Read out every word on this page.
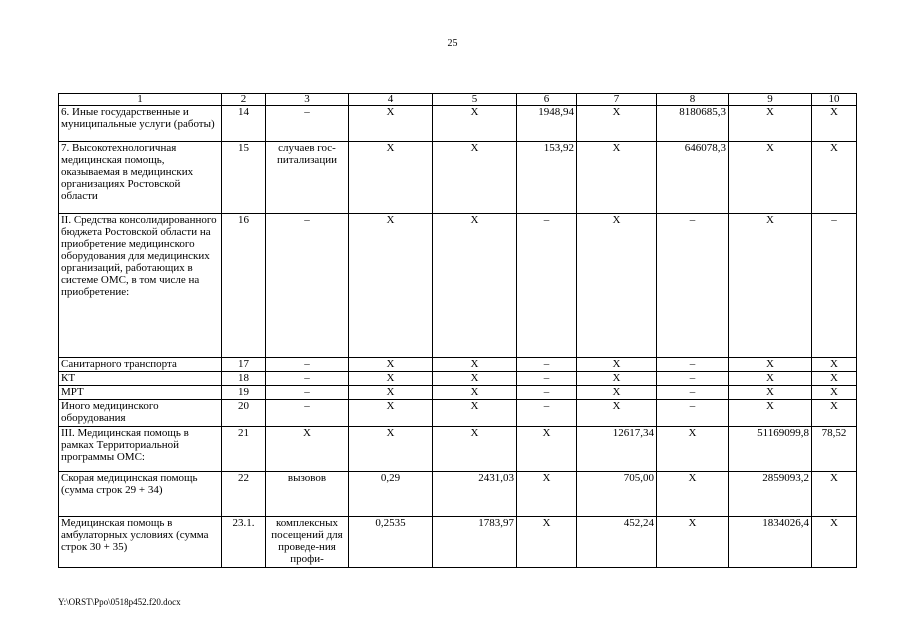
25
1	2	3	4	5	6	7	8	9	10
6. Иные государственные и муниципальные услуги (работы)	14	–	Х	Х	1948,94	Х	8180685,3	Х	Х
7. Высокотехнологичная медицинская помощь, оказываемая в медицинских организациях Ростовской области	15	случаев гос-питализации	Х	Х	153,92	Х	646078,3	Х	Х
II. Средства консолидированного бюджета Ростовской области на приобретение медицинского оборудования для медицинских организаций, работающих в системе ОМС, в том числе на приобретение:	16	–	Х	Х	–	Х	–	Х	–
Санитарного транспорта	17	–	Х	Х	–	Х	–	Х	Х
КТ	18	–	Х	Х	–	Х	–	Х	Х
МРТ	19	–	Х	Х	–	Х	–	Х	Х
Иного медицинского оборудования	20	–	Х	Х	–	Х	–	Х	Х
III. Медицинская помощь в рамках Территориальной программы ОМС:	21	Х	Х	Х	Х	12617,34	Х	51169099,8	78,52
Скорая медицинская помощь (сумма строк 29 + 34)	22	вызовов	0,29	2431,03	Х	705,00	Х	2859093,2	Х
Медицинская помощь в амбулаторных условиях (сумма строк 30 + 35)	23.1.	комплексных посещений для проведе-ния профи-	0,2535	1783,97	Х	452,24	Х	1834026,4	Х
Y:\ORST\Ppo\0518p452.f20.docx
